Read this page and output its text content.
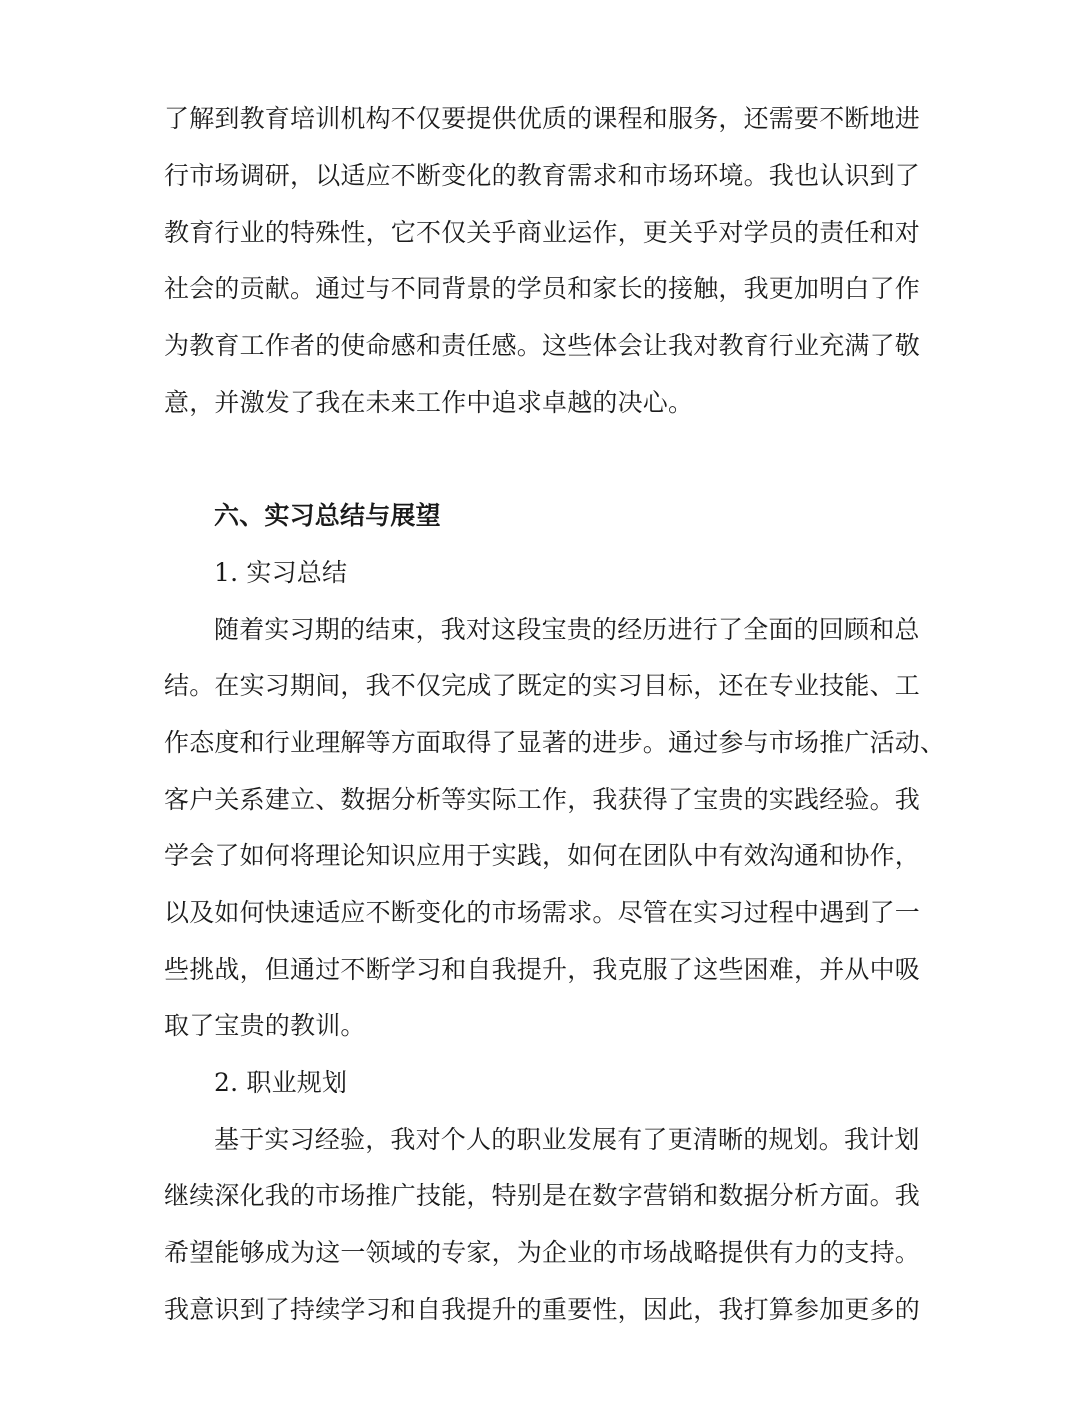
了解到教育培训机构不仅要提供优质的课程和服务，还需要不断地进
行市场调研，以适应不断变化的教育需求和市场环境。我也认识到了
教育行业的特殊性，它不仅关乎商业运作，更关乎对学员的责任和对
社会的贡献。通过与不同背景的学员和家长的接触，我更加明白了作
为教育工作者的使命感和责任感。这些体会让我对教育行业充满了敬
意，并激发了我在未来工作中追求卓越的决心。
六、实习总结与展望
1. 实习总结
随着实习期的结束，我对这段宝贵的经历进行了全面的回顾和总
结。在实习期间，我不仅完成了既定的实习目标，还在专业技能、工
作态度和行业理解等方面取得了显著的进步。通过参与市场推广活动、
客户关系建立、数据分析等实际工作，我获得了宝贵的实践经验。我
学会了如何将理论知识应用于实践，如何在团队中有效沟通和协作，
以及如何快速适应不断变化的市场需求。尽管在实习过程中遇到了一
些挑战，但通过不断学习和自我提升，我克服了这些困难，并从中吸
取了宝贵的教训。
2. 职业规划
基于实习经验，我对个人的职业发展有了更清晰的规划。我计划
继续深化我的市场推广技能，特别是在数字营销和数据分析方面。我
希望能够成为这一领域的专家，为企业的市场战略提供有力的支持。
我意识到了持续学习和自我提升的重要性，因此，我打算参加更多的
